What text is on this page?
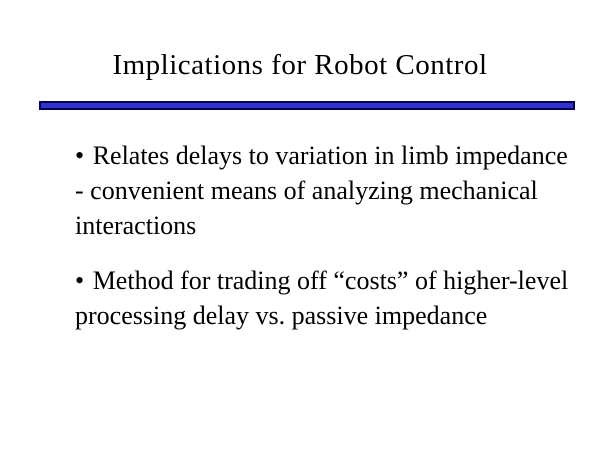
Implications for Robot Control

• Relates delays to variation in limb impedance - convenient means of analyzing mechanical interactions

• Method for trading off “costs” of higher-level processing delay vs. passive impedance
